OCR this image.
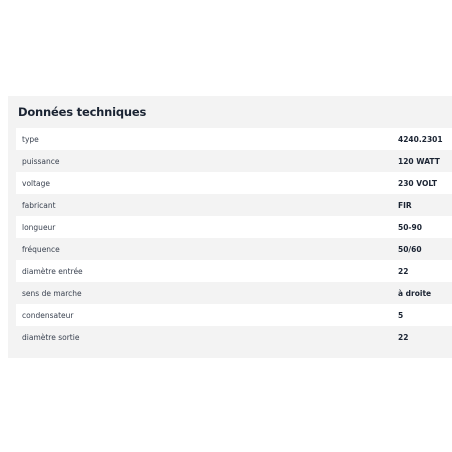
Données techniques
type	4240.2301
puissance	120 WATT
voltage	230 VOLT
fabricant	FIR
longueur	50-90
fréquence	50/60
diamètre entrée	22
sens de marche	à droite
condensateur	5
diamètre sortie	22
